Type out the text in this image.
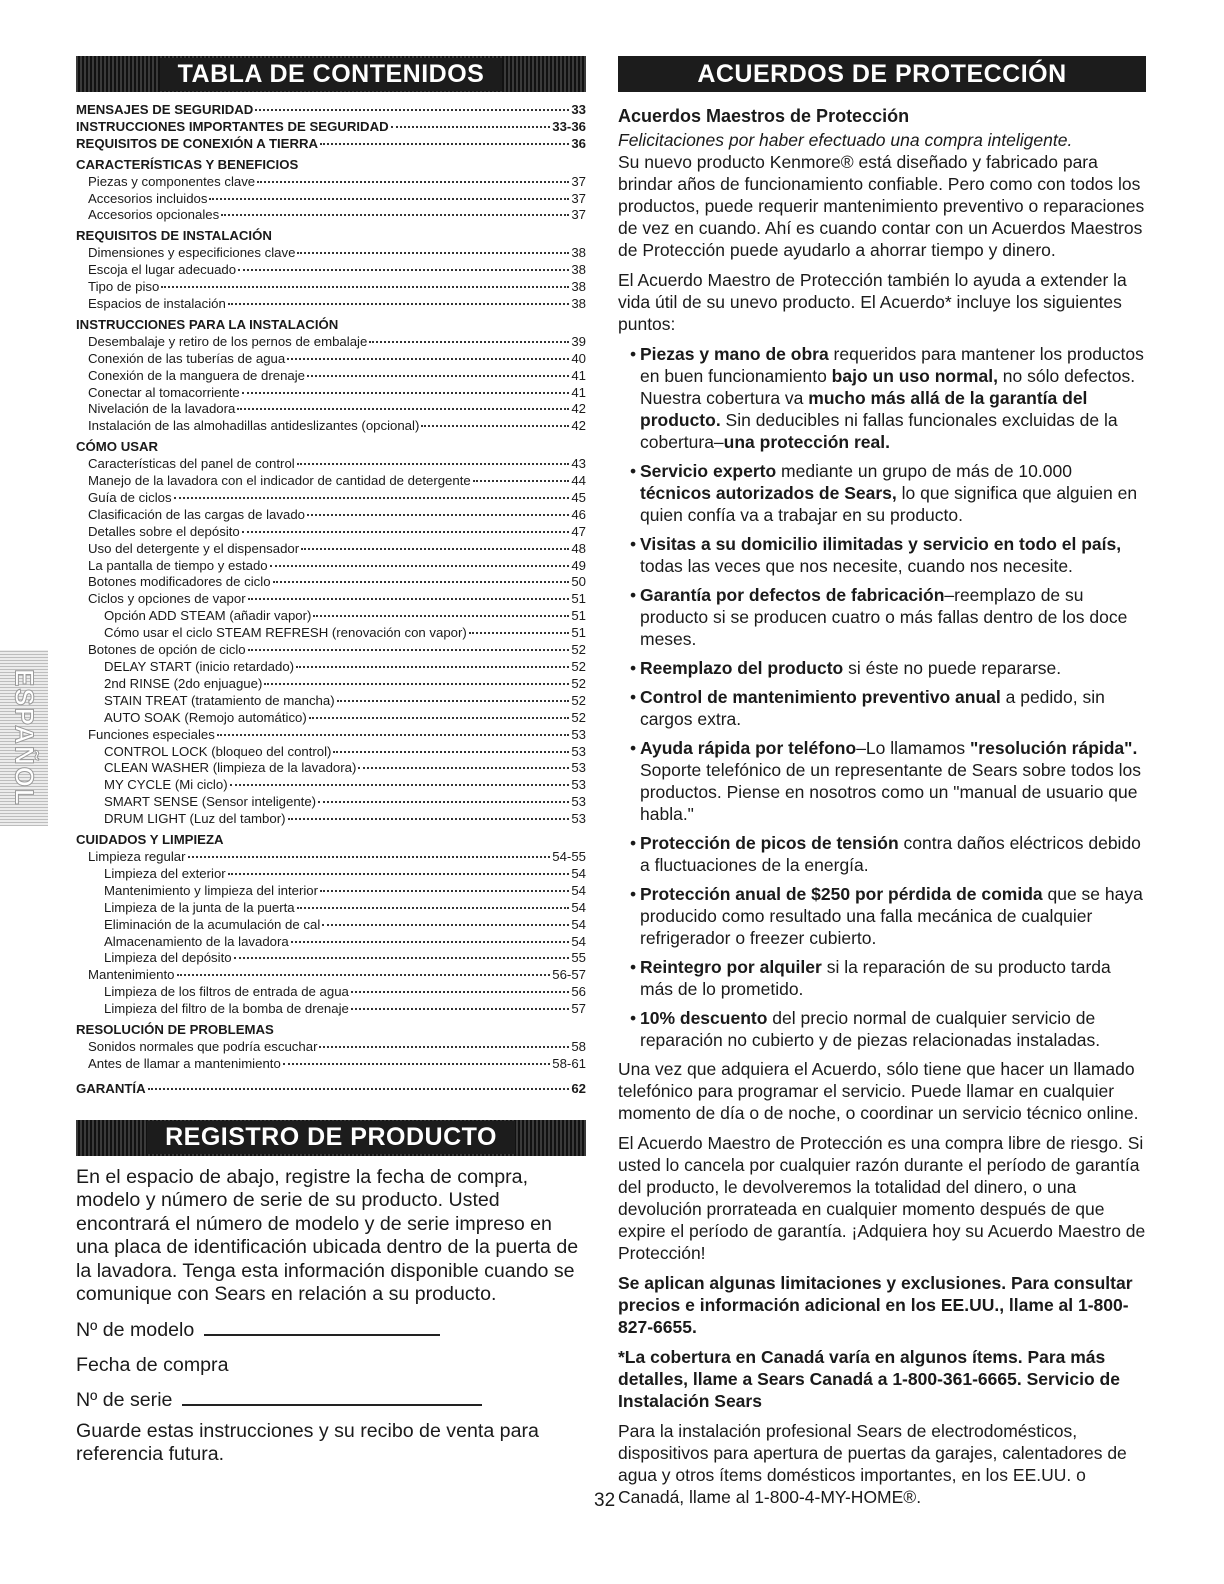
ESPAÑOL
TABLA DE CONTENIDOS
MENSAJES DE SEGURIDAD	33
INSTRUCCIONES IMPORTANTES DE SEGURIDAD	33-36
REQUISITOS DE CONEXIÓN A TIERRA	36
CARACTERÍSTICAS Y BENEFICIOS
Piezas y componentes clave	37
Accesorios incluidos	37
Accesorios opcionales	37
REQUISITOS DE INSTALACIÓN
Dimensiones y especificiones clave	38
Escoja el lugar adecuado	38
Tipo de piso	38
Espacios de instalación	38
INSTRUCCIONES PARA LA INSTALACIÓN
Desembalaje y retiro de los pernos de embalaje	39
Conexión de las tuberías de agua	40
Conexión de la manguera de drenaje	41
Conectar al tomacorriente	41
Nivelación de la lavadora	42
Instalación de las almohadillas antideslizantes (opcional)	42
CÓMO USAR
Características del panel de control	43
Manejo de la lavadora con el indicador de cantidad de detergente	44
Guía de ciclos	45
Clasificación de las cargas de lavado	46
Detalles sobre el depósito	47
Uso del detergente y el dispensador	48
La pantalla de tiempo y estado	49
Botones modificadores de ciclo	50
Ciclos y opciones de vapor	51
Opción ADD STEAM (añadir vapor)	51
Cómo usar el ciclo STEAM REFRESH (renovación con vapor)	51
Botones de opción de ciclo	52
DELAY START (inicio retardado)	52
2nd RINSE (2do enjuague)	52
STAIN TREAT (tratamiento de mancha)	52
AUTO SOAK (Remojo automático)	52
Funciones especiales	53
CONTROL LOCK (bloqueo del control)	53
CLEAN WASHER (limpieza de la lavadora)	53
MY CYCLE (Mi ciclo)	53
SMART SENSE (Sensor inteligente)	53
DRUM LIGHT (Luz del tambor)	53
CUIDADOS Y LIMPIEZA
Limpieza regular	54-55
Limpieza del exterior	54
Mantenimiento y limpieza del interior	54
Limpieza de la junta de la puerta	54
Eliminación de la acumulación de cal	54
Almacenamiento de la lavadora	54
Limpieza del depósito	55
Mantenimiento	56-57
Limpieza de los filtros de entrada de agua	56
Limpieza del filtro de la bomba de drenaje	57
RESOLUCIÓN DE PROBLEMAS
Sonidos normales que podría escuchar	58
Antes de llamar a mantenimiento	58-61
GARANTÍA	62
REGISTRO DE PRODUCTO

En el espacio de abajo, registre la fecha de compra, modelo y número de serie de su producto. Usted encontrará el número de modelo y de serie impreso en una placa de identificación ubicada dentro de la puerta de la lavadora. Tenga esta información disponible cuando se comunique con Sears en relación a su producto.

Nº de modelo
Fecha de compra
Nº de serie

Guarde estas instrucciones y su recibo de venta para
referencia futura.

ACUERDOS DE PROTECCIÓN
Acuerdos Maestros de Protección
Felicitaciones por haber efectuado una compra inteligente.

Su nuevo producto Kenmore® está diseñado y fabricado para brindar años de funcionamiento confiable. Pero como con todos los productos, puede requerir mantenimiento preventivo o reparaciones de vez en cuando. Ahí es cuando contar con un Acuerdos Maestros de Protección puede ayudarlo a ahorrar tiempo y dinero.

El Acuerdo Maestro de Protección también lo ayuda a extender la vida útil de su unevo producto. El Acuerdo* incluye los siguientes puntos:

• Piezas y mano de obra requeridos para mantener los productos en buen funcionamiento bajo un uso normal, no sólo defectos. Nuestra cobertura va mucho más allá de la garantía del producto. Sin deducibles ni fallas funcionales excluidas de la cobertura–una protección real.
• Servicio experto mediante un grupo de más de 10.000 técnicos autorizados de Sears, lo que significa que alguien en quien confía va a trabajar en su producto.
• Visitas a su domicilio ilimitadas y servicio en todo el país, todas las veces que nos necesite, cuando nos necesite.
• Garantía por defectos de fabricación–reemplazo de su producto si se producen cuatro o más fallas dentro de los doce meses.
• Reemplazo del producto si éste no puede repararse.
• Control de mantenimiento preventivo anual a pedido, sin cargos extra.
• Ayuda rápida por teléfono–Lo llamamos "resolución rápida". Soporte telefónico de un representante de Sears sobre todos los productos. Piense en nosotros como un "manual de usuario que habla."
• Protección de picos de tensión contra daños eléctricos debido a fluctuaciones de la energía.
• Protección anual de $250 por pérdida de comida que se haya producido como resultado una falla mecánica de cualquier refrigerador o freezer cubierto.
• Reintegro por alquiler si la reparación de su producto tarda más de lo prometido.
• 10% descuento del precio normal de cualquier servicio de reparación no cubierto y de piezas relacionadas instaladas.

Una vez que adquiera el Acuerdo, sólo tiene que hacer un llamado telefónico para programar el servicio. Puede llamar en cualquier momento de día o de noche, o coordinar un servicio técnico online.

El Acuerdo Maestro de Protección es una compra libre de riesgo. Si usted lo cancela por cualquier razón durante el período de garantía del producto, le devolveremos la totalidad del dinero, o una devolución prorrateada en cualquier momento después de que expire el período de garantía. ¡Adquiera hoy su Acuerdo Maestro de Protección!

Se aplican algunas limitaciones y exclusiones. Para consultar precios e información adicional en los EE.UU., llame al 1-800-827-6655.
*La cobertura en Canadá varía en algunos ítems. Para más detalles, llame a Sears Canadá a 1-800-361-6665. Servicio de Instalación Sears

Para la instalación profesional Sears de electrodomésticos, dispositivos para apertura de puertas da garajes, calentadores de agua y otros ítems domésticos importantes, en los EE.UU. o Canadá, llame al 1-800-4-MY-HOME®.

32
